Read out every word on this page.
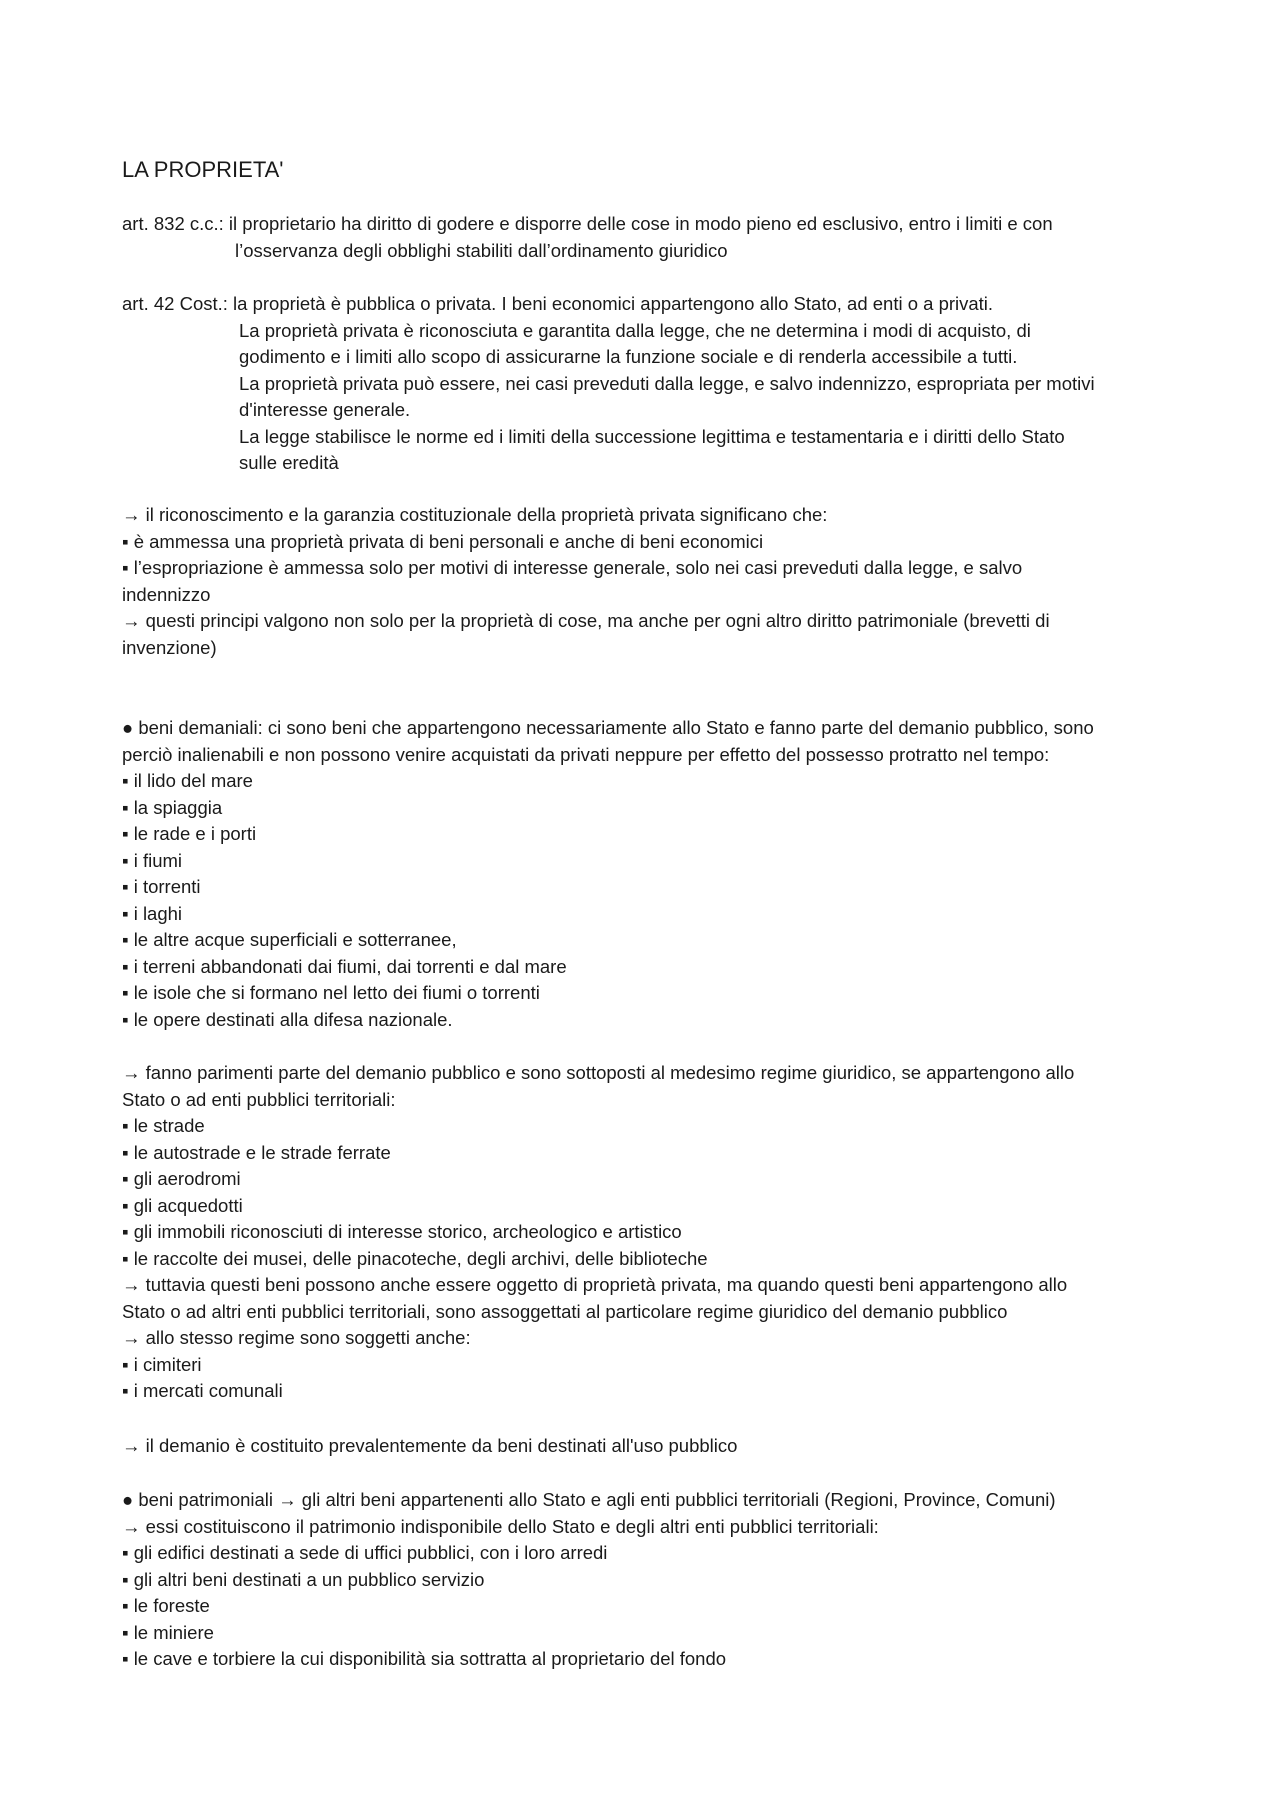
LA PROPRIETA'
art. 832 c.c.: il proprietario ha diritto di godere e disporre delle cose in modo pieno ed esclusivo, entro i limiti e con
l’osservanza degli obblighi stabiliti dall’ordinamento giuridico
art. 42 Cost.: la proprietà è pubblica o privata. I beni economici appartengono allo Stato, ad enti o a privati.
La proprietà privata è riconosciuta e garantita dalla legge, che ne determina i modi di acquisto, di
godimento e i limiti allo scopo di assicurarne la funzione sociale e di renderla accessibile a tutti.
La proprietà privata può essere, nei casi preveduti dalla legge, e salvo indennizzo, espropriata per motivi
d'interesse generale.
La legge stabilisce le norme ed i limiti della successione legittima e testamentaria e i diritti dello Stato
sulle eredità
→ il riconoscimento e la garanzia costituzionale della proprietà privata significano che:
▪ è ammessa una proprietà privata di beni personali e anche di beni economici
▪ l’espropriazione è ammessa solo per motivi di interesse generale, solo nei casi preveduti dalla legge, e salvo
indennizzo
→ questi principi valgono non solo per la proprietà di cose, ma anche per ogni altro diritto patrimoniale (brevetti di
invenzione)
● beni demaniali: ci sono beni che appartengono necessariamente allo Stato e fanno parte del demanio pubblico, sono
perciò inalienabili e non possono venire acquistati da privati neppure per effetto del possesso protratto nel tempo:
▪ il lido del mare
▪ la spiaggia
▪ le rade e i porti
▪ i fiumi
▪ i torrenti
▪ i laghi
▪ le altre acque superficiali e sotterranee,
▪ i terreni abbandonati dai fiumi, dai torrenti e dal mare
▪ le isole che si formano nel letto dei fiumi o torrenti
▪ le opere destinati alla difesa nazionale.
→ fanno parimenti parte del demanio pubblico e sono sottoposti al medesimo regime giuridico, se appartengono allo
Stato o ad enti pubblici territoriali:
▪ le strade
▪ le autostrade e le strade ferrate
▪ gli aerodromi
▪ gli acquedotti
▪ gli immobili riconosciuti di interesse storico, archeologico e artistico
▪ le raccolte dei musei, delle pinacoteche, degli archivi, delle biblioteche
→ tuttavia questi beni possono anche essere oggetto di proprietà privata, ma quando questi beni appartengono allo
Stato o ad altri enti pubblici territoriali, sono assoggettati al particolare regime giuridico del demanio pubblico
→ allo stesso regime sono soggetti anche:
▪ i cimiteri
▪ i mercati comunali
→ il demanio è costituito prevalentemente da beni destinati all'uso pubblico
● beni patrimoniali → gli altri beni appartenenti allo Stato e agli enti pubblici territoriali (Regioni, Province, Comuni)
→ essi costituiscono il patrimonio indisponibile dello Stato e degli altri enti pubblici territoriali:
▪ gli edifici destinati a sede di uffici pubblici, con i loro arredi
▪ gli altri beni destinati a un pubblico servizio
▪ le foreste
▪ le miniere
▪ le cave e torbiere la cui disponibilità sia sottratta al proprietario del fondo
